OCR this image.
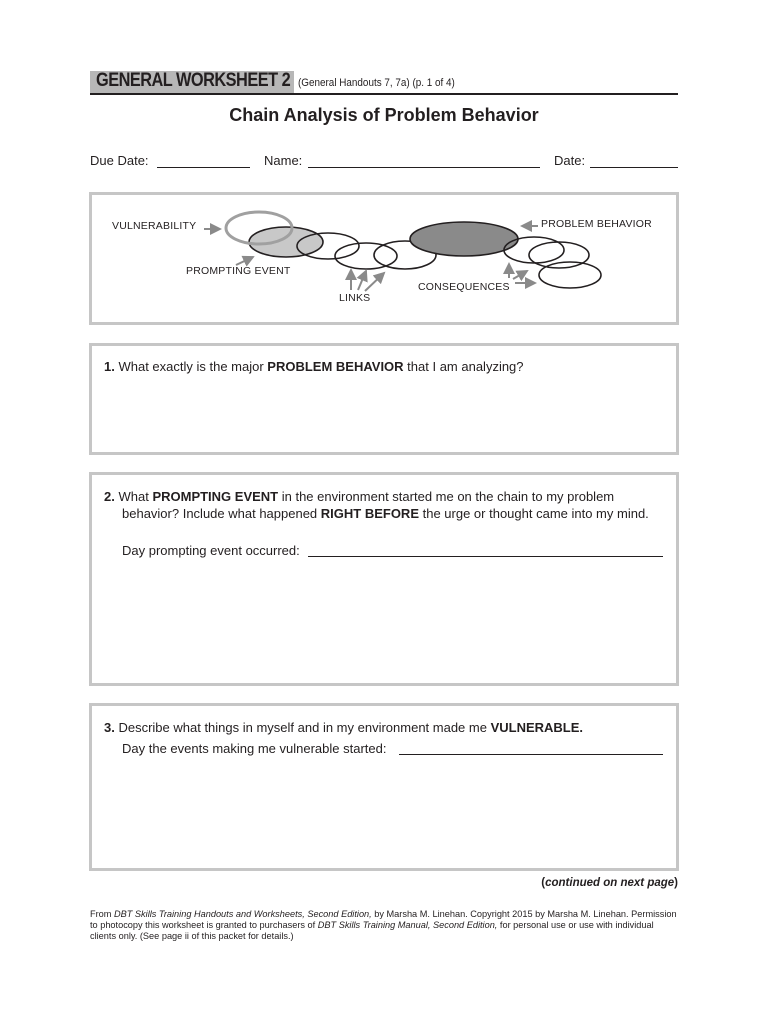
GENERAL WORKSHEET 2 (General Handouts 7, 7a) (p. 1 of 4)
Chain Analysis of Problem Behavior
Due Date:	Name:	Date:
VULNERABILITY
PROMPTING EVENT
LINKS
CONSEQUENCES
PROBLEM BEHAVIOR
1. What exactly is the major PROBLEM BEHAVIOR that I am analyzing?
2. What PROMPTING EVENT in the environment started me on the chain to my problem behavior? Include what happened RIGHT BEFORE the urge or thought came into my mind.
Day prompting event occurred:
3. Describe what things in myself and in my environment made me VULNERABLE.
Day the events making me vulnerable started:
(continued on next page)
From DBT Skills Training Handouts and Worksheets, Second Edition, by Marsha M. Linehan. Copyright 2015 by Marsha M. Linehan. Permission to photocopy this worksheet is granted to purchasers of DBT Skills Training Manual, Second Edition, for personal use or use with individual clients only. (See page ii of this packet for details.)
